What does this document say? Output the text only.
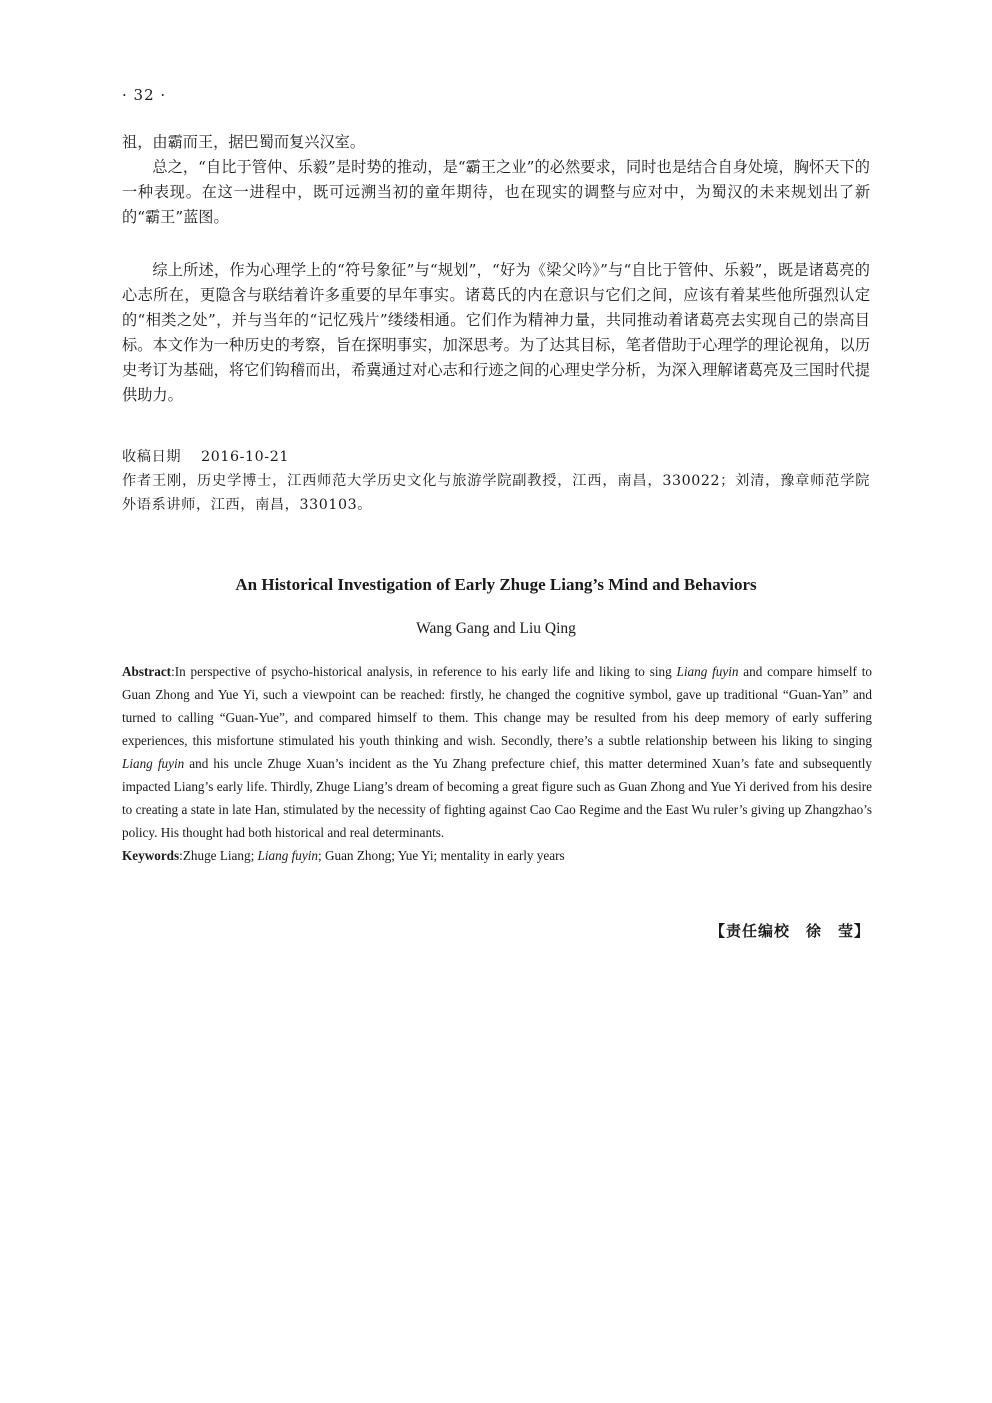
· 32 ·

祖，由霸而王，据巴蜀而复兴汉室。

总之，“自比于管仲、乐毅”是时势的推动，是“霸王之业”的必然要求，同时也是结合自身处境，胸怀天下的一种表现。在这一进程中，既可远溯当初的童年期待，也在现实的调整与应对中，为蜀汉的未来规划出了新的“霸王”蓝图。

综上所述，作为心理学上的“符号象征”与“规划”，“好为《梁父吟》”与“自比于管仲、乐毅”，既是诸葛亮的心志所在，更隐含与联结着许多重要的早年事实。诸葛氏的内在意识与它们之间，应该有着某些他所强烈认定的“相类之处”，并与当年的“记忆残片”缕缕相通。它们作为精神力量，共同推动着诸葛亮去实现自己的崇高目标。本文作为一种历史的考察，旨在探明事实，加深思考。为了达其目标，笔者借助于心理学的理论视角，以历史考订为基础，将它们钩稽而出，希冀通过对心志和行迹之间的心理史学分析，为深入理解诸葛亮及三国时代提供助力。

收稿日期 2016-10-21

作者王刚，历史学博士，江西师范大学历史文化与旅游学院副教授，江西，南昌，330022；刘清，豫章师范学院外语系讲师，江西，南昌，330103。

An Historical Investigation of Early Zhuge Liang’s Mind and Behaviors
Wang Gang and Liu Qing

Abstract:In perspective of psycho-historical analysis, in reference to his early life and liking to sing Liang fuyin and compare himself to Guan Zhong and Yue Yi, such a viewpoint can be reached: firstly, he changed the cognitive symbol, gave up traditional “Guan-Yan” and turned to calling “Guan-Yue”, and compared himself to them. This change may be resulted from his deep memory of early suffering experiences, this misfortune stimulated his youth thinking and wish. Secondly, there’s a subtle relationship between his liking to singing Liang fuyin and his uncle Zhuge Xuan’s incident as the Yu Zhang prefecture chief, this matter determined Xuan’s fate and subsequently impacted Liang’s early life. Thirdly, Zhuge Liang’s dream of becoming a great figure such as Guan Zhong and Yue Yi derived from his desire to creating a state in late Han, stimulated by the necessity of fighting against Cao Cao Regime and the East Wu ruler’s giving up Zhangzhao’s policy. His thought had both historical and real determinants.

Keywords:Zhuge Liang; Liang fuyin; Guan Zhong; Yue Yi; mentality in early years

【责任编校　徐　莹】
